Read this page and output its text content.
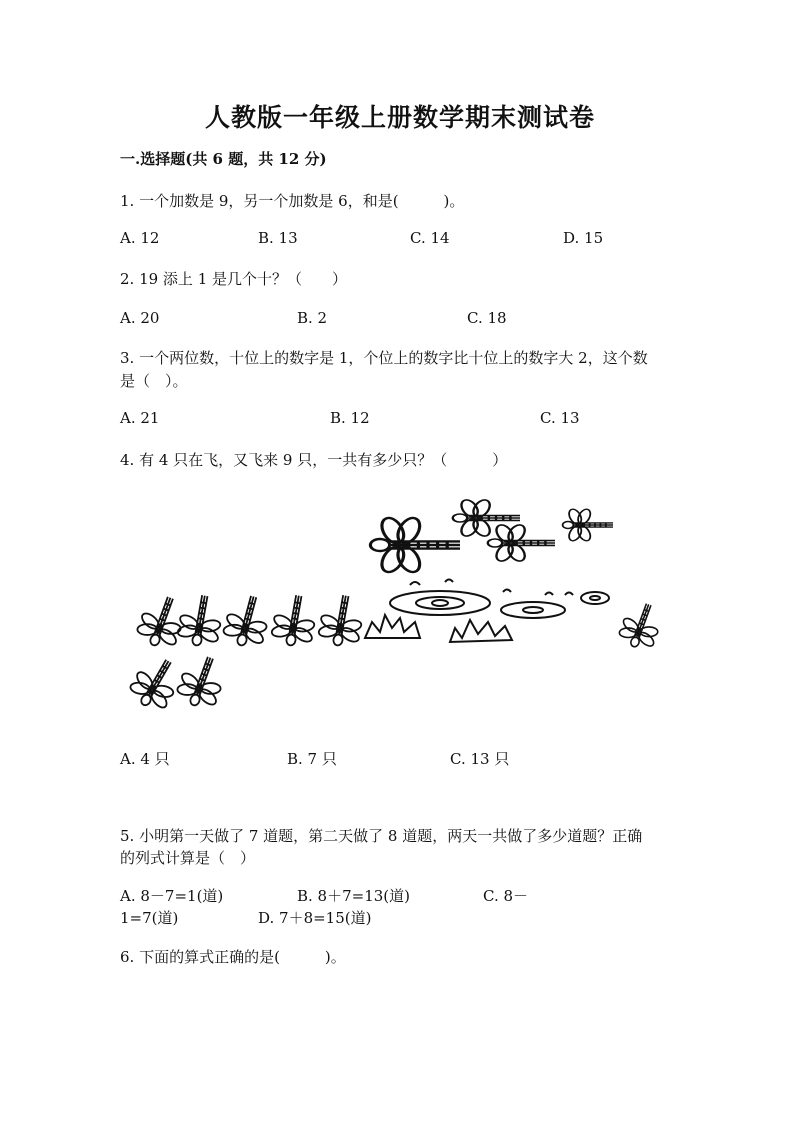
人教版一年级上册数学期末测试卷
一.选择题(共 6 题，共 12 分)
1. 一个加数是 9，另一个加数是 6，和是(　　　)。
A. 12	B. 13	C. 14	D. 15
2. 19 添上 1 是几个十？（　　）
A. 20	B. 2	C. 18
3. 一个两位数，十位上的数字是 1，个位上的数字比十位上的数字大 2，这个数
是（　）。
A. 21	B. 12	C. 13
4. 有 4 只在飞，又飞来 9 只，一共有多少只？（　　　）
A. 4 只	B. 7 只	C. 13 只
5. 小明第一天做了 7 道题，第二天做了 8 道题，两天一共做了多少道题？正确
的列式计算是（　）
A. 8－7=1(道)	B. 8＋7=13(道)	C. 8－
1=7(道)	D. 7＋8=15(道)
6. 下面的算式正确的是(　　　)。
